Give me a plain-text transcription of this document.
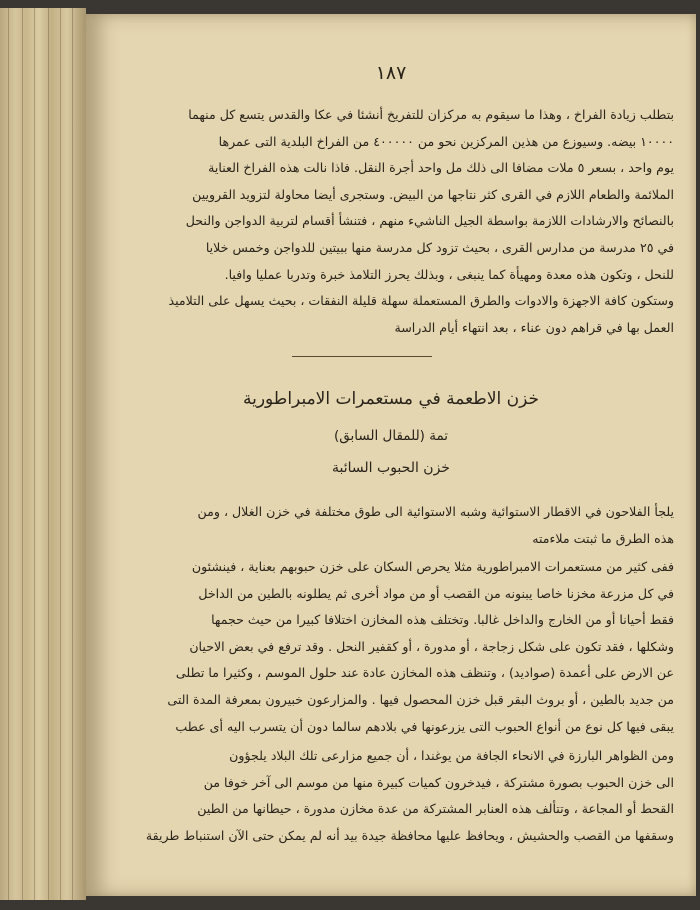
١٨٧
بتطلب زيادة الفراخ ، وهذا ما سيقوم به مركزان للتفريخ أنشئا في عكا والقدس يتسع كل منهما
١٠٠٠٠ بيضه. وسيوزع من هذين المركزين نحو من ٤٠٠٠٠٠ من الفراخ البلدية التى عمرها
يوم واحد ، بسعر ٥ ملات مضافا الى ذلك مل واحد أجرة النقل. فاذا نالت هذه الفراخ العناية
الملائمة والطعام اللازم في القرى كثر نتاجها من البيض. وستجرى أيضا محاولة لتزويد القرويين
بالنصائح والارشادات اللازمة بواسطة الجيل الناشيء منهم ، فتنشأ أقسام لتربية الدواجن والنحل
في ٢٥ مدرسة من مدارس القرى ، بحيث تزود كل مدرسة منها ببيتين للدواجن وخمس خلايا
للنحل ، وتكون هذه معدة ومهيأة كما ينبغى ، وبذلك يحرز التلامذ خبرة وتدربا عمليا وافيا.
وستكون كافة الاجهزة والادوات والطرق المستعملة سهلة قليلة النفقات ، بحيث يسهل على التلاميذ
العمل بها في قراهم دون عناء ، بعد انتهاء أيام الدراسة
خزن الاطعمة في مستعمرات الامبراطورية
تمة (للمقال السابق)
خزن الحبوب السائبة
يلجأ الفلاحون في الاقطار الاستوائية وشبه الاستوائية الى طوق مختلفة في خزن الغلال ، ومن
هذه الطرق ما ثبتت ملاءمته
ففى كثير من مستعمرات الامبراطورية مثلا يحرص السكان على خزن حبوبهم بعناية ، فينشئون
في كل مزرعة مخزنا خاصا يبنونه من القصب أو من مواد أخرى ثم يطلونه بالطين من الداخل
فقط أحيانا أو من الخارج والداخل غالبا. وتختلف هذه المخازن اختلافا كبيرا من حيث حجمها
وشكلها ، فقد تكون على شكل زجاجة ، أو مدورة ، أو كقفير النحل . وقد ترفع في بعض الاحيان
عن الارض على أعمدة (صواديد) ، وتنظف هذه المخازن عادة عند حلول الموسم ، وكثيرا ما تطلى
من جديد بالطين ، أو بروث البقر قبل خزن المحصول فيها . والمزارعون خبيرون بمعرفة المدة التى
يبقى فيها كل نوع من أنواع الحبوب التى يزرعونها في بلادهم سالما دون أن يتسرب اليه أى عطب
ومن الظواهر البارزة في الانحاء الجافة من يوغندا ، أن جميع مزارعى تلك البلاد يلجؤون
الى خزن الحبوب بصورة مشتركة ، فيدخرون كميات كبيرة منها من موسم الى آخر خوفا من
القحط أو المجاعة ، وتتألف هذه العنابر المشتركة من عدة مخازن مدورة ، حيطانها من الطين
وسقفها من القصب والحشيش ، ويحافظ عليها محافظة جيدة بيد أنه لم يمكن حتى الآن استنباط طريقة
